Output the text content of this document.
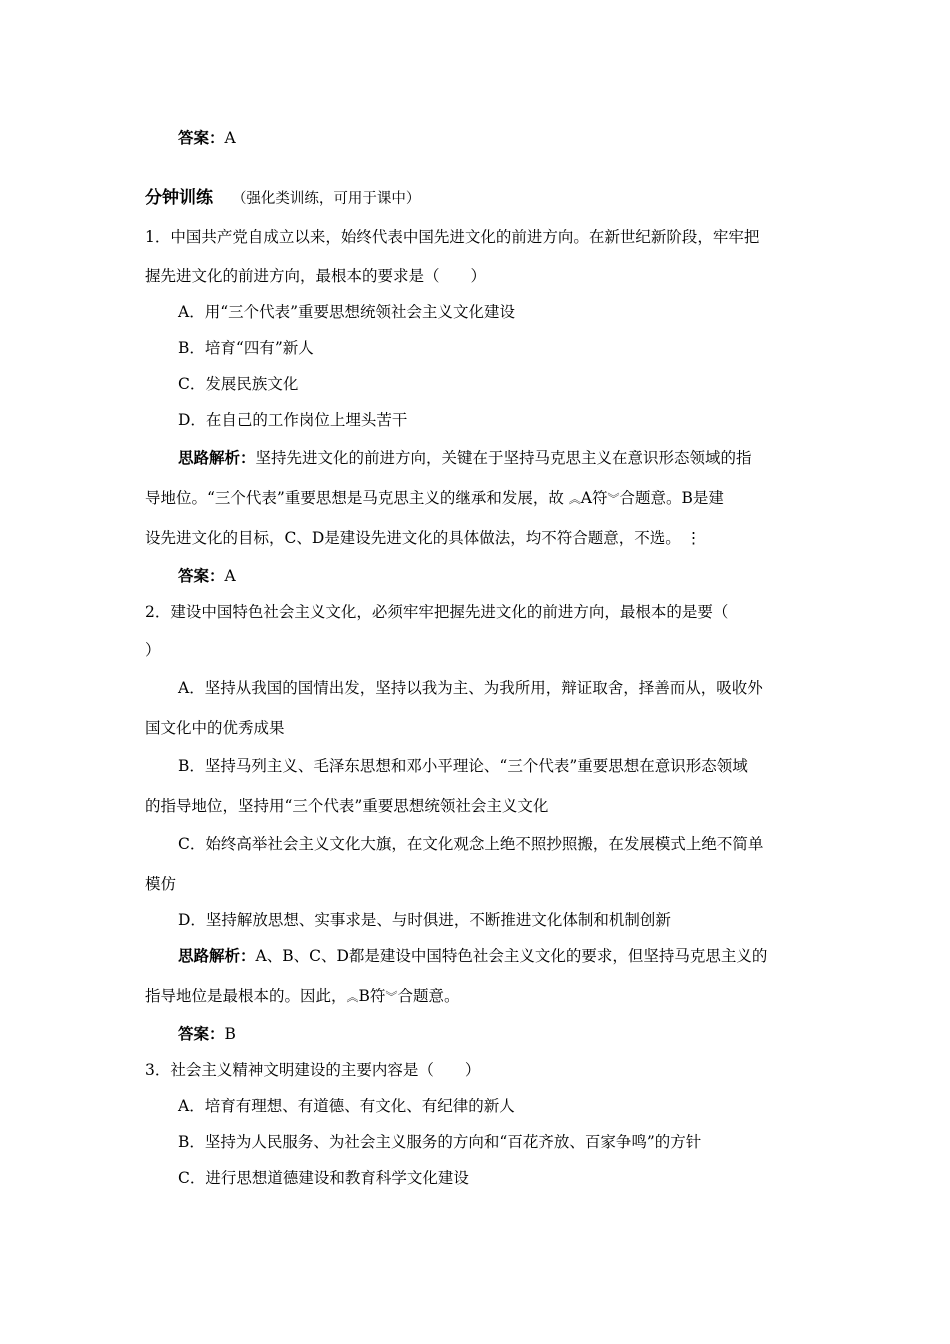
答案：A
分钟训练 （强化类训练，可用于课中）
1．中国共产党自成立以来，始终代表中国先进文化的前进方向。在新世纪新阶段，牢牢把
握先进文化的前进方向，最根本的要求是（　　）
A．用“三个代表”重要思想统领社会主义文化建设
B．培育“四有”新人
C．发展民族文化
D．在自己的工作岗位上埋头苦干
思路解析：坚持先进文化的前进方向，关键在于坚持马克思主义在意识形态领域的指
导地位。“三个代表”重要思想是马克思主义的继承和发展，故 ︽A符︾合题意。B是建
设先进文化的目标，C、D是建设先进文化的具体做法，均不符合题意，不选。 ⋮
答案：A
2．建设中国特色社会主义文化，必须牢牢把握先进文化的前进方向，最根本的是要（
）
A．坚持从我国的国情出发，坚持以我为主、为我所用，辩证取舍，择善而从，吸收外
国文化中的优秀成果
B．坚持马列主义、毛泽东思想和邓小平理论、“三个代表”重要思想在意识形态领域
的指导地位，坚持用“三个代表”重要思想统领社会主义文化
C．始终高举社会主义文化大旗，在文化观念上绝不照抄照搬，在发展模式上绝不简单
模仿
D．坚持解放思想、实事求是、与时俱进，不断推进文化体制和机制创新
思路解析：A、B、C、D都是建设中国特色社会主义文化的要求，但坚持马克思主义的
指导地位是最根本的。因此，︽B符︾合题意。
答案：B
3．社会主义精神文明建设的主要内容是（　　）
A．培育有理想、有道德、有文化、有纪律的新人
B．坚持为人民服务、为社会主义服务的方向和“百花齐放、百家争鸣”的方针
C．进行思想道德建设和教育科学文化建设
